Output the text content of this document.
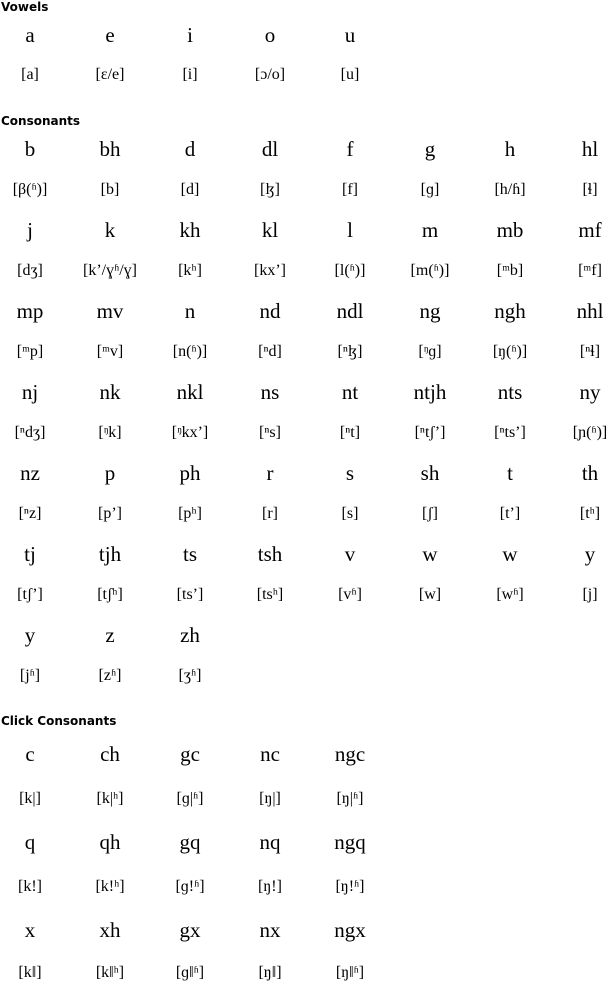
Vowels
a	e	i	o	u
[a]	[ɛ/e]	[i]	[ɔ/o]	[u]
Consonants
b	bh	d	dl	f	g	h	hl
[β(ʱ)]	[b]	[d]	[ɮ]	[f]	[ɡ]	[h/ɦ]	[ɬ]
j	k	kh	kl	l	m	mb	mf
[dʒ]	[k’/ɣʱ/ɣ]	[kʰ]	[kx’]	[l(ʱ)]	[m(ʱ)]	[ᵐb]	[ᵐf]
mp	mv	n	nd	ndl	ng	ngh	nhl
[ᵐp]	[ᵐv]	[n(ʱ)]	[ⁿd]	[ⁿɮ]	[ᵑɡ]	[ŋ(ʱ)]	[ⁿɬ]
nj	nk	nkl	ns	nt	ntjh	nts	ny
[ⁿdʒ]	[ᵑk]	[ᵑkx’]	[ⁿs]	[ⁿt]	[ⁿtʃ’]	[ⁿts’]	[ɲ(ʱ)]
nz	p	ph	r	s	sh	t	th
[ⁿz]	[p’]	[pʰ]	[r]	[s]	[ʃ]	[t’]	[tʰ]
tj	tjh	ts	tsh	v	w	w	y
[tʃ’]	[tʃʰ]	[ts’]	[tsʰ]	[vʱ]	[w]	[wʱ]	[j]
y	z	zh
[jʱ]	[zʱ]	[ʒʱ]
Click Consonants
c	ch	gc	nc	ngc
[k|]	[k|ʰ]	[ɡ|ʱ]	[ŋ|]	[ŋ|ʱ]
q	qh	gq	nq	ngq
[k!]	[k!ʰ]	[ɡ!ʱ]	[ŋ!]	[ŋ!ʱ]
x	xh	gx	nx	ngx
[k‖]	[k‖ʰ]	[ɡ‖ʱ]	[ŋ‖]	[ŋ‖ʱ]
